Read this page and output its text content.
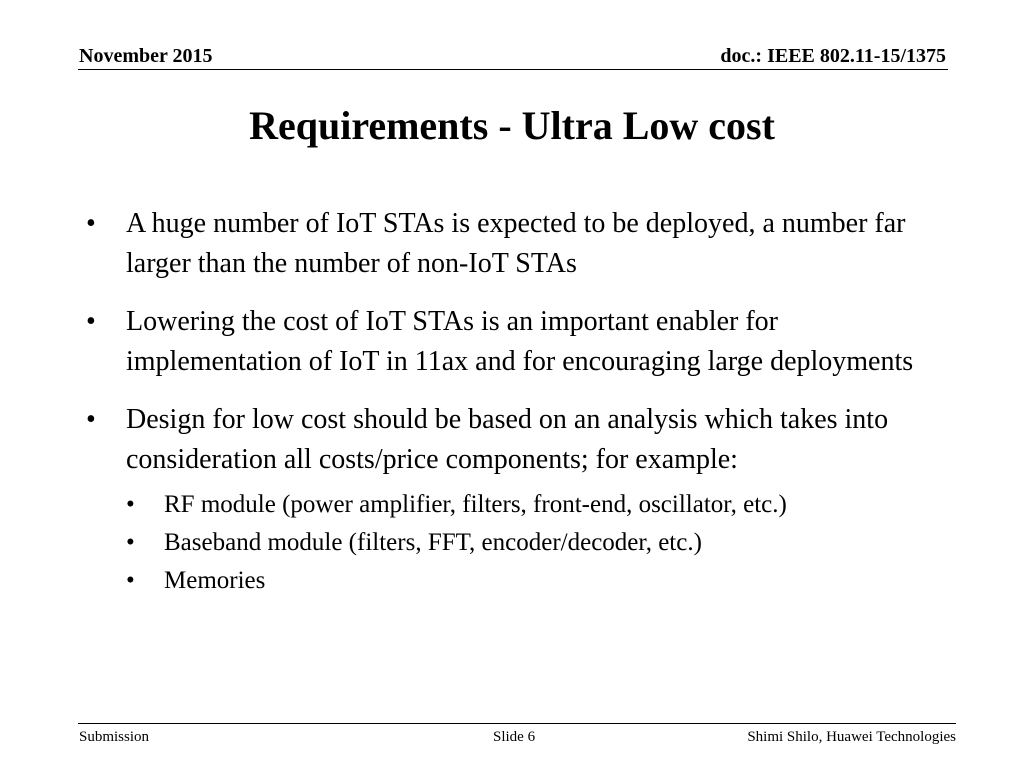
November 2015	doc.: IEEE 802.11-15/1375
Requirements - Ultra Low cost
•	A huge number of IoT STAs is expected to be deployed, a number far larger than the number of non-IoT STAs
•	Lowering the cost of IoT STAs is an important enabler for implementation of IoT in 11ax and for encouraging large deployments
•	Design for low cost should be based on an analysis which takes into consideration all costs/price components; for example:
•	RF module (power amplifier, filters, front-end, oscillator, etc.)
•	Baseband module (filters, FFT, encoder/decoder, etc.)
•	Memories
Submission	Slide 6	Shimi Shilo, Huawei Technologies
